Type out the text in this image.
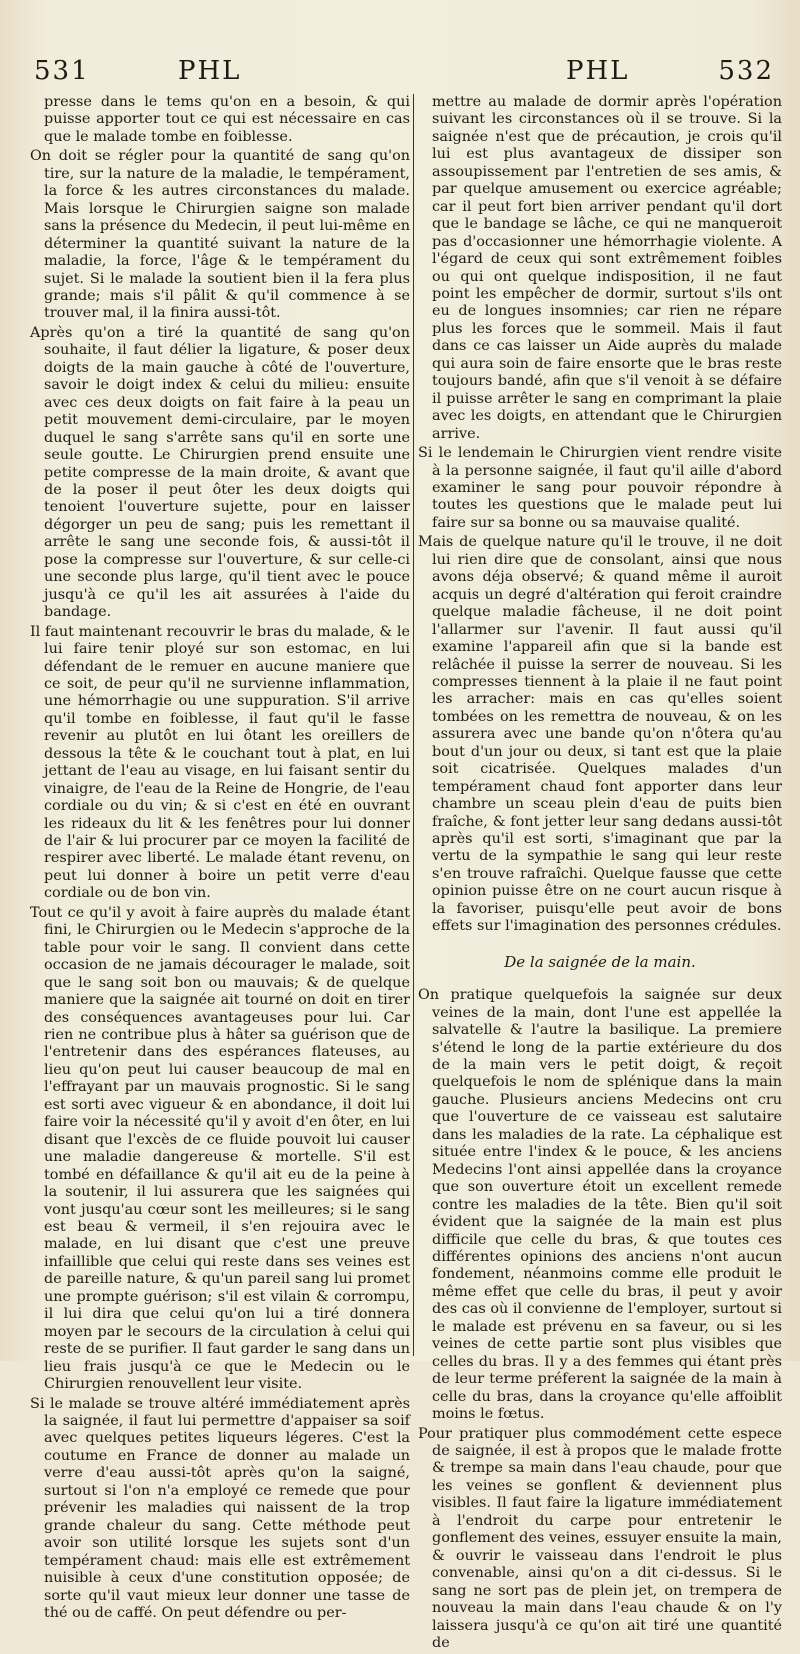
531	PHL	PHL	532

presse dans le tems qu'on en a besoin, & qui puisse apporter tout ce qui est nécessaire en cas que le malade tombe en foiblesse.

On doit se régler pour la quantité de sang qu'on tire, sur la nature de la maladie, le tempérament, la force & les autres circonstances du malade. Mais lorsque le Chirurgien saigne son malade sans la présence du Medecin, il peut lui-même en déterminer la quantité suivant la nature de la maladie, la force, l'âge & le tempérament du sujet. Si le malade la soutient bien il la fera plus grande; mais s'il pâlit & qu'il commence à se trouver mal, il la finira aussi-tôt.

Après qu'on a tiré la quantité de sang qu'on souhaite, il faut délier la ligature, & poser deux doigts de la main gauche à côté de l'ouverture, savoir le doigt index & celui du milieu: ensuite avec ces deux doigts on fait faire à la peau un petit mouvement demi-circulaire, par le moyen duquel le sang s'arrête sans qu'il en sorte une seule goutte. Le Chirurgien prend ensuite une petite compresse de la main droite, & avant que de la poser il peut ôter les deux doigts qui tenoient l'ouverture sujette, pour en laisser dégorger un peu de sang; puis les remettant il arrête le sang une seconde fois, & aussi-tôt il pose la compresse sur l'ouverture, & sur celle-ci une seconde plus large, qu'il tient avec le pouce jusqu'à ce qu'il les ait assurées à l'aide du bandage.

Il faut maintenant recouvrir le bras du malade, & le lui faire tenir ployé sur son estomac, en lui défendant de le remuer en aucune maniere que ce soit, de peur qu'il ne survienne inflammation, une hémorrhagie ou une suppuration. S'il arrive qu'il tombe en foiblesse, il faut qu'il le fasse revenir au plutôt en lui ôtant les oreillers de dessous la tête & le couchant tout à plat, en lui jettant de l'eau au visage, en lui faisant sentir du vinaigre, de l'eau de la Reine de Hongrie, de l'eau cordiale ou du vin; & si c'est en été en ouvrant les rideaux du lit & les fenêtres pour lui donner de l'air & lui procurer par ce moyen la facilité de respirer avec liberté. Le malade étant revenu, on peut lui donner à boire un petit verre d'eau cordiale ou de bon vin.

Tout ce qu'il y avoit à faire auprès du malade étant fini, le Chirurgien ou le Medecin s'approche de la table pour voir le sang. Il convient dans cette occasion de ne jamais décourager le malade, soit que le sang soit bon ou mauvais; & de quelque maniere que la saignée ait tourné on doit en tirer des conséquences avantageuses pour lui. Car rien ne contribue plus à hâter sa guérison que de l'entretenir dans des espérances flateuses, au lieu qu'on peut lui causer beaucoup de mal en l'effrayant par un mauvais prognostic. Si le sang est sorti avec vigueur & en abondance, il doit lui faire voir la nécessité qu'il y avoit d'en ôter, en lui disant que l'excès de ce fluide pouvoit lui causer une maladie dangereuse & mortelle. S'il est tombé en défaillance & qu'il ait eu de la peine à la soutenir, il lui assurera que les saignées qui vont jusqu'au cœur sont les meilleures; si le sang est beau & vermeil, il s'en rejouira avec le malade, en lui disant que c'est une preuve infaillible que celui qui reste dans ses veines est de pareille nature, & qu'un pareil sang lui promet une prompte guérison; s'il est vilain & corrompu, il lui dira que celui qu'on lui a tiré donnera moyen par le secours de la circulation à celui qui reste de se purifier. Il faut garder le sang dans un lieu frais jusqu'à ce que le Medecin ou le Chirurgien renouvellent leur visite.

Si le malade se trouve altéré immédiatement après la saignée, il faut lui permettre d'appaiser sa soif avec quelques petites liqueurs légeres. C'est la coutume en France de donner au malade un verre d'eau aussi-tôt après qu'on la saigné, surtout si l'on n'a employé ce remede que pour prévenir les maladies qui naissent de la trop grande chaleur du sang. Cette méthode peut avoir son utilité lorsque les sujets sont d'un tempérament chaud: mais elle est extrêmement nuisible à ceux d'une constitution opposée; de sorte qu'il vaut mieux leur donner une tasse de thé ou de caffé. On peut défendre ou per-

mettre au malade de dormir après l'opération suivant les circonstances où il se trouve. Si la saignée n'est que de précaution, je crois qu'il lui est plus avantageux de dissiper son assoupissement par l'entretien de ses amis, & par quelque amusement ou exercice agréable; car il peut fort bien arriver pendant qu'il dort que le bandage se lâche, ce qui ne manqueroit pas d'occasionner une hémorrhagie violente. A l'égard de ceux qui sont extrêmement foibles ou qui ont quelque indisposition, il ne faut point les empêcher de dormir, surtout s'ils ont eu de longues insomnies; car rien ne répare plus les forces que le sommeil. Mais il faut dans ce cas laisser un Aide auprès du malade qui aura soin de faire ensorte que le bras reste toujours bandé, afin que s'il venoit à se défaire il puisse arrêter le sang en comprimant la plaie avec les doigts, en attendant que le Chirurgien arrive.

Si le lendemain le Chirurgien vient rendre visite à la personne saignée, il faut qu'il aille d'abord examiner le sang pour pouvoir répondre à toutes les questions que le malade peut lui faire sur sa bonne ou sa mauvaise qualité.

Mais de quelque nature qu'il le trouve, il ne doit lui rien dire que de consolant, ainsi que nous avons déja observé; & quand même il auroit acquis un degré d'altération qui feroit craindre quelque maladie fâcheuse, il ne doit point l'allarmer sur l'avenir. Il faut aussi qu'il examine l'appareil afin que si la bande est relâchée il puisse la serrer de nouveau. Si les compresses tiennent à la plaie il ne faut point les arracher: mais en cas qu'elles soient tombées on les remettra de nouveau, & on les assurera avec une bande qu'on n'ôtera qu'au bout d'un jour ou deux, si tant est que la plaie soit cicatrisée. Quelques malades d'un tempérament chaud font apporter dans leur chambre un sceau plein d'eau de puits bien fraîche, & font jetter leur sang dedans aussi-tôt après qu'il est sorti, s'imaginant que par la vertu de la sympathie le sang qui leur reste s'en trouve rafraîchi. Quelque fausse que cette opinion puisse être on ne court aucun risque à la favoriser, puisqu'elle peut avoir de bons effets sur l'imagination des personnes crédules.

De la saignée de la main.

On pratique quelquefois la saignée sur deux veines de la main, dont l'une est appellée la salvatelle & l'autre la basilique. La premiere s'étend le long de la partie extérieure du dos de la main vers le petit doigt, & reçoit quelquefois le nom de splénique dans la main gauche. Plusieurs anciens Medecins ont cru que l'ouverture de ce vaisseau est salutaire dans les maladies de la rate. La céphalique est située entre l'index & le pouce, & les anciens Medecins l'ont ainsi appellée dans la croyance que son ouverture étoit un excellent remede contre les maladies de la tête. Bien qu'il soit évident que la saignée de la main est plus difficile que celle du bras, & que toutes ces différentes opinions des anciens n'ont aucun fondement, néanmoins comme elle produit le même effet que celle du bras, il peut y avoir des cas où il convienne de l'employer, surtout si le malade est prévenu en sa faveur, ou si les veines de cette partie sont plus visibles que celles du bras. Il y a des femmes qui étant près de leur terme préferent la saignée de la main à celle du bras, dans la croyance qu'elle affoiblit moins le fœtus.

Pour pratiquer plus commodément cette espece de saignée, il est à propos que le malade frotte & trempe sa main dans l'eau chaude, pour que les veines se gonflent & deviennent plus visibles. Il faut faire la ligature immédiatement à l'endroit du carpe pour entretenir le gonflement des veines, essuyer ensuite la main, & ouvrir le vaisseau dans l'endroit le plus convenable, ainsi qu'on a dit ci-dessus. Si le sang ne sort pas de plein jet, on trempera de nouveau la main dans l'eau chaude & on l'y laissera jusqu'à ce qu'on ait tiré une quantité de
